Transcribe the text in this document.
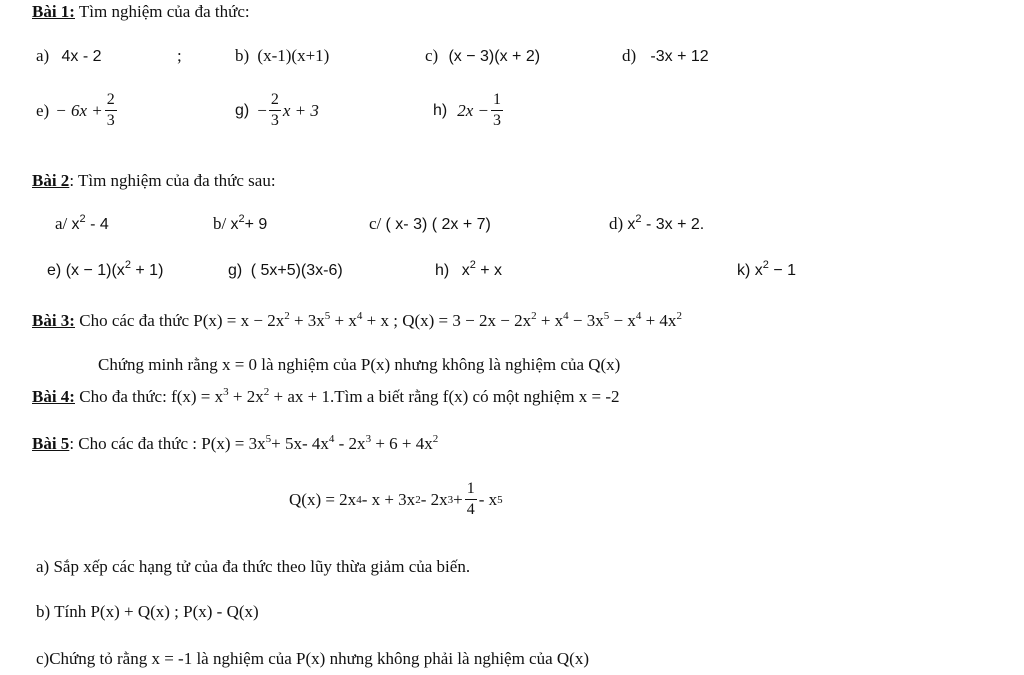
Bài 1: Tìm nghiệm của đa thức:
a) 4x - 2	;	b) (x-1)(x+1)	c) (x − 3)(x + 2)	d) -3x + 12
$e) - 6x + \frac{2}{3}$	$g) - \frac{2}{3}$ x + 3	h) $2x - \frac{1}{3}$
Bài 2: Tìm nghiệm của đa thức sau:
a/ $x^2 - 4$	b/ $x^2+ 9$	c/ ( x- 3) ( 2x + 7)	d) $x^2 - 3x + 2$.
e) $(x - 1)(x^2 + 1)$	g) ( 5x+5)(3x-6)	h) $x^2 + x$	k) $x^2 - 1$
Bài 3: Cho các đa thức $P(x) = x - 2x^2 + 3x^5 + x^4 + x$ ; $Q(x) = 3 - 2x - 2x^2 + x^4 - 3x^5 - x^4 + 4x^2$
Chứng minh rằng x = 0 là nghiệm của P(x) nhưng không là nghiệm của Q(x)
Bài 4: Cho đa thức: $f(x) = x^3 + 2x^2$ + ax + 1.Tìm a biết rằng f(x) có một nghiệm x = -2
Bài 5: Cho các đa thức : $P(x) = 3x^5+ 5x-$ $4x^4 - 2x^3 + 6 + 4x^2$
Q(x) = 2x 4 - x + 3x 2 - 2x $3 + \frac{1}{4} - x$ 5
a) Sắp xếp các hạng tử của đa thức theo lũy thừa giảm của biến.
b) Tính P(x) + Q(x) ; P(x) - Q(x)
c)Chứng tỏ rằng x = -1 là nghiệm của P(x) nhưng không phải là nghiệm của Q(x)
